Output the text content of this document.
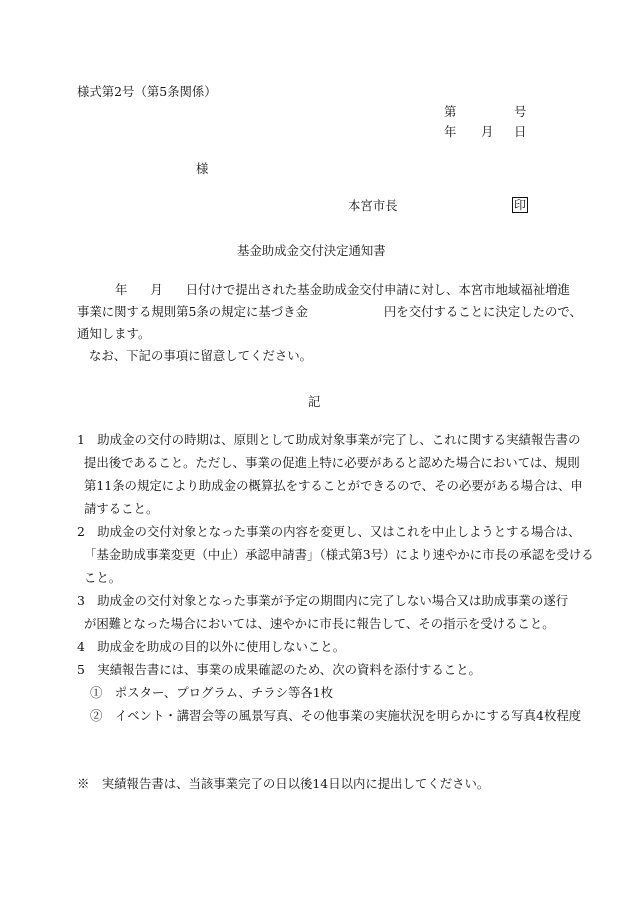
様式第2号（第5条関係）
第	号
年 月 日
様
本宮市長	印
基金助成金交付決定通知書
年 月 日付けで提出された基金助成金交付申請に対し、本宮市地域福祉増進
事業に関する規則第5条の規定に基づき金	円を交付することに決定したので、
通知します。
なお、下記の事項に留意してください。
記
1　助成金の交付の時期は、原則として助成対象事業が完了し、これに関する実績報告書の
提出後であること。ただし、事業の促進上特に必要があると認めた場合においては、規則
第11条の規定により助成金の概算払をすることができるので、その必要がある場合は、申
請すること。
2　助成金の交付対象となった事業の内容を変更し、又はこれを中止しようとする場合は、
「基金助成事業変更（中止）承認申請書」（様式第3号）により速やかに市長の承認を受ける
こと。
3　助成金の交付対象となった事業が予定の期間内に完了しない場合又は助成事業の遂行
が困難となった場合においては、速やかに市長に報告して、その指示を受けること。
4　助成金を助成の目的以外に使用しないこと。
5　実績報告書には、事業の成果確認のため、次の資料を添付すること。
①　ポスター、プログラム、チラシ等各1枚
②　イベント・講習会等の風景写真、その他事業の実施状況を明らかにする写真4枚程度
※　実績報告書は、当該事業完了の日以後14日以内に提出してください。
